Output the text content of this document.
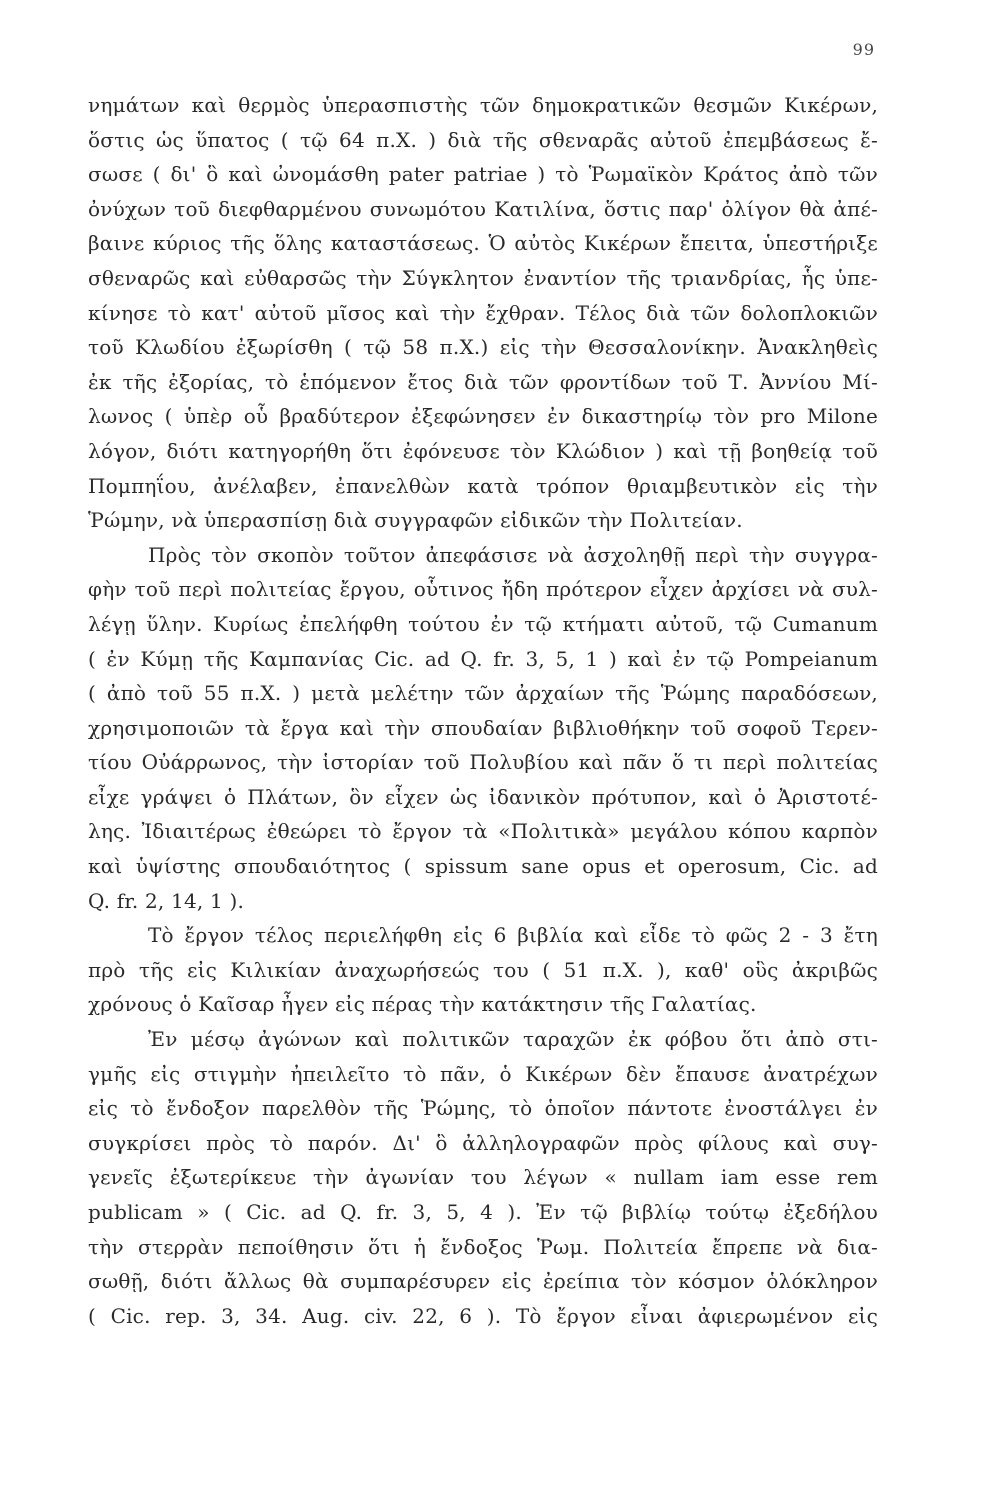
99
νημάτων καὶ θερμὸς ὑπερασπιστὴς τῶν δημοκρατικῶν θεσμῶν Κικέρων,
ὅστις ὡς ὕπατος ( τῷ 64 π.Χ. ) διὰ τῆς σθεναρᾶς αὐτοῦ ἐπεμβάσεως ἔ-
σωσε ( δι' ὃ καὶ ὠνομάσθη pater patriae ) τὸ Ῥωμαϊκὸν Κράτος ἀπὸ τῶν
ὀνύχων τοῦ διεφθαρμένου συνωμότου Κατιλίνα, ὅστις παρ' ὀλίγον θὰ ἀπέ-
βαινε κύριος τῆς ὅλης καταστάσεως. Ὁ αὐτὸς Κικέρων ἔπειτα, ὑπεστήριξε
σθεναρῶς καὶ εὐθαρσῶς τὴν Σύγκλητον ἐναντίον τῆς τριανδρίας, ἧς ὑπε-
κίνησε τὸ κατ' αὐτοῦ μῖσος καὶ τὴν ἔχθραν. Τέλος διὰ τῶν δολοπλοκιῶν
τοῦ Κλωδίου ἐξωρίσθη ( τῷ 58 π.Χ.) εἰς τὴν Θεσσαλονίκην. Ἀνακληθεὶς
ἐκ τῆς ἐξορίας, τὸ ἑπόμενον ἔτος διὰ τῶν φροντίδων τοῦ Τ. Ἀννίου Μί-
λωνος ( ὑπὲρ οὗ βραδύτερον ἐξεφώνησεν ἐν δικαστηρίῳ τὸν pro Milone
λόγον, διότι κατηγορήθη ὅτι ἐφόνευσε τὸν Κλώδιον ) καὶ τῇ βοηθείᾳ τοῦ
Πομπηΐου, ἀνέλαβεν, ἐπανελθὼν κατὰ τρόπον θριαμβευτικὸν εἰς τὴν
Ῥώμην, νὰ ὑπερασπίσῃ διὰ συγγραφῶν εἰδικῶν τὴν Πολιτείαν.
Πρὸς τὸν σκοπὸν τοῦτον ἀπεφάσισε νὰ ἀσχοληθῇ περὶ τὴν συγγρα-
φὴν τοῦ περὶ πολιτείας ἔργου, οὗτινος ἤδη πρότερον εἶχεν ἀρχίσει νὰ συλ-
λέγῃ ὕλην. Κυρίως ἐπελήφθη τούτου ἐν τῷ κτήματι αὐτοῦ, τῷ Cumanum
( ἐν Κύμῃ τῆς Καμπανίας Cic. ad Q. fr. 3, 5, 1 ) καὶ ἐν τῷ Pompeianum
( ἀπὸ τοῦ 55 π.Χ. ) μετὰ μελέτην τῶν ἀρχαίων τῆς Ῥώμης παραδόσεων,
χρησιμοποιῶν τὰ ἔργα καὶ τὴν σπουδαίαν βιβλιοθήκην τοῦ σοφοῦ Τερεν-
τίου Οὐάρρωνος, τὴν ἱστορίαν τοῦ Πολυβίου καὶ πᾶν ὅ τι περὶ πολιτείας
εἶχε γράψει ὁ Πλάτων, ὃν εἶχεν ὡς ἰδανικὸν πρότυπον, καὶ ὁ Ἀριστοτέ-
λης. Ἰδιαιτέρως ἐθεώρει τὸ ἔργον τὰ «Πολιτικὰ» μεγάλου κόπου καρπὸν
καὶ ὑψίστης σπουδαιότητος ( spissum sane opus et operosum, Cic. ad
Q. fr. 2, 14, 1 ).
Τὸ ἔργον τέλος περιελήφθη εἰς 6 βιβλία καὶ εἶδε τὸ φῶς 2 - 3 ἔτη
πρὸ τῆς εἰς Κιλικίαν ἀναχωρήσεώς του ( 51 π.Χ. ), καθ' οὓς ἀκριβῶς
χρόνους ὁ Καῖσαρ ἦγεν εἰς πέρας τὴν κατάκτησιν τῆς Γαλατίας.
Ἐν μέσῳ ἀγώνων καὶ πολιτικῶν ταραχῶν ἐκ φόβου ὅτι ἀπὸ στι-
γμῆς εἰς στιγμὴν ἠπειλεῖτο τὸ πᾶν, ὁ Κικέρων δὲν ἔπαυσε ἀνατρέχων
εἰς τὸ ἔνδοξον παρελθὸν τῆς Ῥώμης, τὸ ὁποῖον πάντοτε ἐνοστάλγει ἐν
συγκρίσει πρὸς τὸ παρόν. Δι' ὃ ἀλληλογραφῶν πρὸς φίλους καὶ συγ-
γενεῖς ἐξωτερίκευε τὴν ἀγωνίαν του λέγων « nullam iam esse rem
publicam » ( Cic. ad Q. fr. 3, 5, 4 ). Ἐν τῷ βιβλίῳ τούτῳ ἐξεδήλου
τὴν στερρὰν πεποίθησιν ὅτι ἡ ἔνδοξος Ῥωμ. Πολιτεία ἔπρεπε νὰ δια-
σωθῇ, διότι ἄλλως θὰ συμπαρέσυρεν εἰς ἐρείπια τὸν κόσμον ὁλόκληρον
( Cic. rep. 3, 34. Aug. civ. 22, 6 ). Τὸ ἔργον εἶναι ἀφιερωμένον εἰς
